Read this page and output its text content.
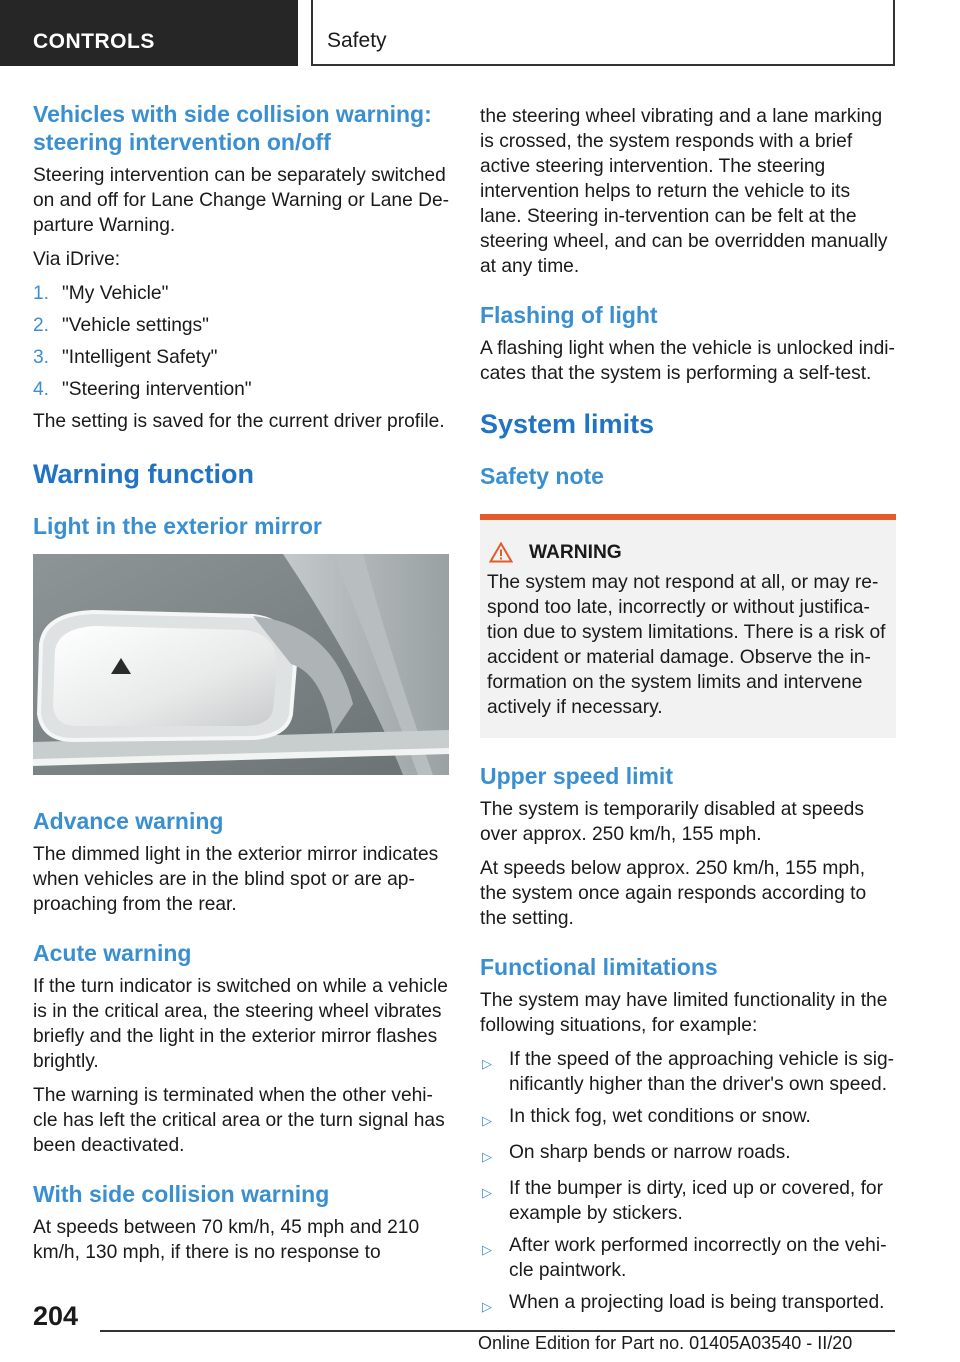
CONTROLS	Safety
Vehicles with side collision warning: steering intervention on/off

Steering intervention can be separately switched on and off for Lane Change Warning or Lane De-parture Warning.

Via iDrive:

1. "My Vehicle"
2. "Vehicle settings"
3. "Intelligent Safety"
4. "Steering intervention"

The setting is saved for the current driver profile.

Warning function
Light in the exterior mirror
Advance warning

The dimmed light in the exterior mirror indicates when vehicles are in the blind spot or are ap-proaching from the rear.

Acute warning

If the turn indicator is switched on while a vehicle is in the critical area, the steering wheel vibrates briefly and the light in the exterior mirror flashes brightly.

The warning is terminated when the other vehi-cle has left the critical area or the turn signal has been deactivated.

With side collision warning

At speeds between 70 km/h, 45 mph and 210 km/h, 130 mph, if there is no response to

the steering wheel vibrating and a lane marking is crossed, the system responds with a brief active steering intervention. The steering intervention helps to return the vehicle to its lane. Steering in-tervention can be felt at the steering wheel, and can be overridden manually at any time.

Flashing of light

A flashing light when the vehicle is unlocked indi-cates that the system is performing a self-test.

System limits
Safety note
WARNING

The system may not respond at all, or may re-spond too late, incorrectly or without justifica-tion due to system limitations. There is a risk of accident or material damage. Observe the in-formation on the system limits and intervene actively if necessary.

Upper speed limit

The system is temporarily disabled at speeds over approx. 250 km/h, 155 mph.

At speeds below approx. 250 km/h, 155 mph, the system once again responds according to the setting.

Functional limitations

The system may have limited functionality in the following situations, for example:

▷ If the speed of the approaching vehicle is sig-nificantly higher than the driver's own speed.
▷ In thick fog, wet conditions or snow.
▷ On sharp bends or narrow roads.
▷ If the bumper is dirty, iced up or covered, for example by stickers.
▷ After work performed incorrectly on the vehi-cle paintwork.
▷ When a projecting load is being transported.
204
Online Edition for Part no. 01405A03540 - II/20
